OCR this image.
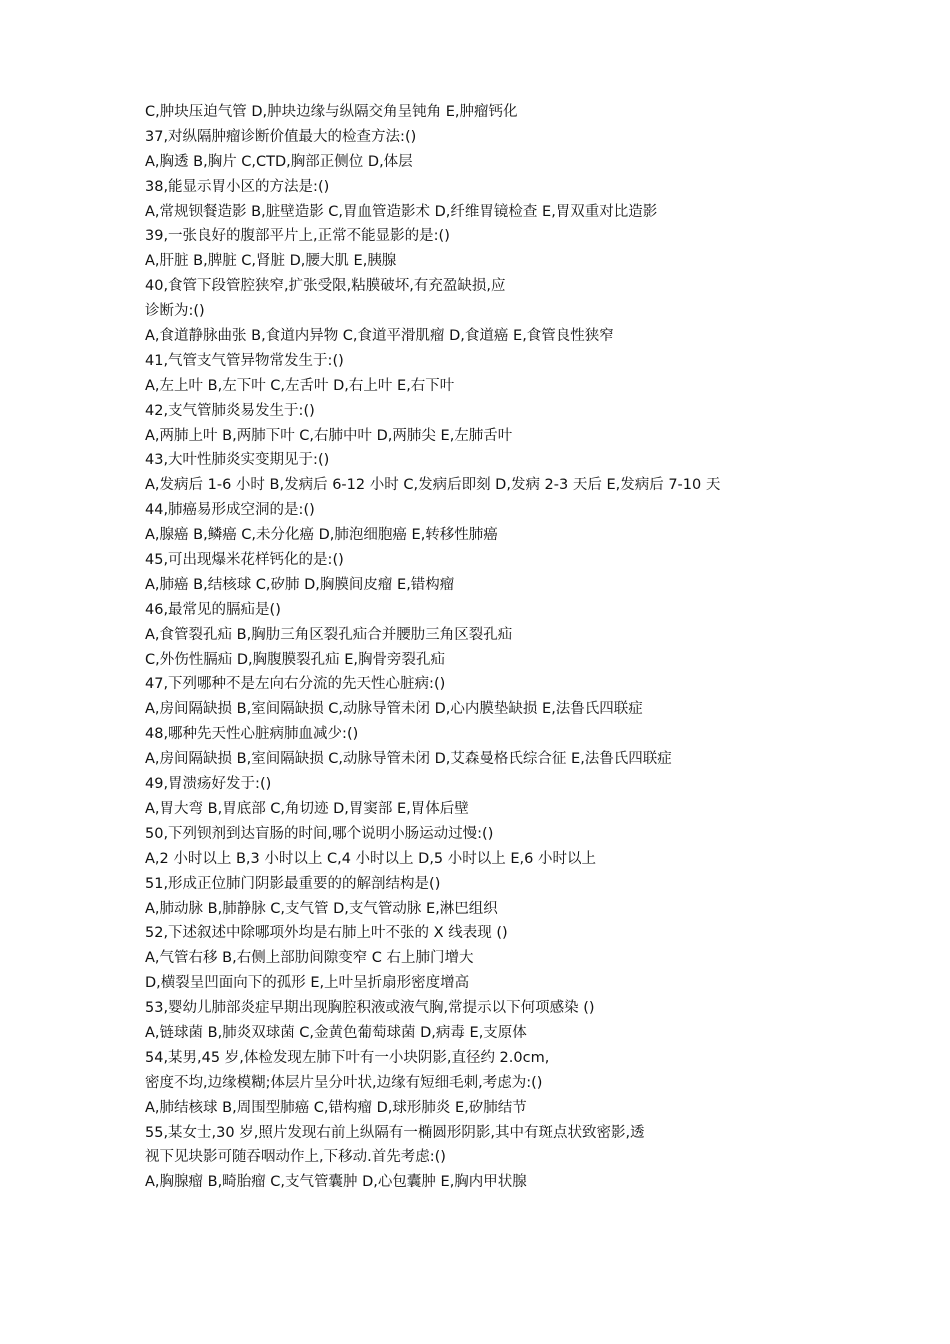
C,肿块压迫气管 D,肿块边缘与纵隔交角呈钝角 E,肿瘤钙化
37,对纵隔肿瘤诊断价值最大的检查方法:()
A,胸透 B,胸片 C,CTD,胸部正侧位 D,体层
38,能显示胃小区的方法是:()
A,常规钡餐造影 B,脏壁造影 C,胃血管造影术 D,纤维胃镜检查 E,胃双重对比造影
39,一张良好的腹部平片上,正常不能显影的是:()
A,肝脏 B,脾脏 C,肾脏 D,腰大肌 E,胰腺
40,食管下段管腔狭窄,扩张受限,粘膜破坏,有充盈缺损,应
诊断为:()
A,食道静脉曲张 B,食道内异物 C,食道平滑肌瘤 D,食道癌 E,食管良性狭窄
41,气管支气管异物常发生于:()
A,左上叶 B,左下叶 C,左舌叶 D,右上叶 E,右下叶
42,支气管肺炎易发生于:()
A,两肺上叶 B,两肺下叶 C,右肺中叶 D,两肺尖 E,左肺舌叶
43,大叶性肺炎实变期见于:()
A,发病后 1-6 小时 B,发病后 6-12 小时 C,发病后即刻 D,发病 2-3 天后 E,发病后 7-10 天
44,肺癌易形成空洞的是:()
A,腺癌 B,鳞癌 C,未分化癌 D,肺泡细胞癌 E,转移性肺癌
45,可出现爆米花样钙化的是:()
A,肺癌 B,结核球 C,矽肺 D,胸膜间皮瘤 E,错构瘤
46,最常见的膈疝是()
A,食管裂孔疝 B,胸肋三角区裂孔疝合并腰肋三角区裂孔疝
C,外伤性膈疝 D,胸腹膜裂孔疝 E,胸骨旁裂孔疝
47,下列哪种不是左向右分流的先天性心脏病:()
A,房间隔缺损 B,室间隔缺损 C,动脉导管未闭 D,心内膜垫缺损 E,法鲁氏四联症
48,哪种先天性心脏病肺血减少:()
A,房间隔缺损 B,室间隔缺损 C,动脉导管未闭 D,艾森曼格氏综合征 E,法鲁氏四联症
49,胃溃疡好发于:()
A,胃大弯 B,胃底部 C,角切迹 D,胃窦部 E,胃体后壁
50,下列钡剂到达盲肠的时间,哪个说明小肠运动过慢:()
A,2 小时以上 B,3 小时以上 C,4 小时以上 D,5 小时以上 E,6 小时以上
51,形成正位肺门阴影最重要的的解剖结构是()
A,肺动脉 B,肺静脉 C,支气管 D,支气管动脉 E,淋巴组织
52,下述叙述中除哪项外均是右肺上叶不张的 X 线表现 ()
A,气管右移 B,右侧上部肋间隙变窄 C 右上肺门增大
D,横裂呈凹面向下的孤形 E,上叶呈折扇形密度增高
53,婴幼儿肺部炎症早期出现胸腔积液或液气胸,常提示以下何项感染 ()
A,链球菌 B,肺炎双球菌 C,金黄色葡萄球菌 D,病毒 E,支原体
54,某男,45 岁,体检发现左肺下叶有一小块阴影,直径约 2.0cm,
密度不均,边缘模糊;体层片呈分叶状,边缘有短细毛刺,考虑为:()
A,肺结核球 B,周围型肺癌 C,错构瘤 D,球形肺炎 E,矽肺结节
55,某女士,30 岁,照片发现右前上纵隔有一椭圆形阴影,其中有斑点状致密影,透
视下见块影可随吞咽动作上,下移动.首先考虑:()
A,胸腺瘤 B,畸胎瘤 C,支气管囊肿 D,心包囊肿 E,胸内甲状腺
